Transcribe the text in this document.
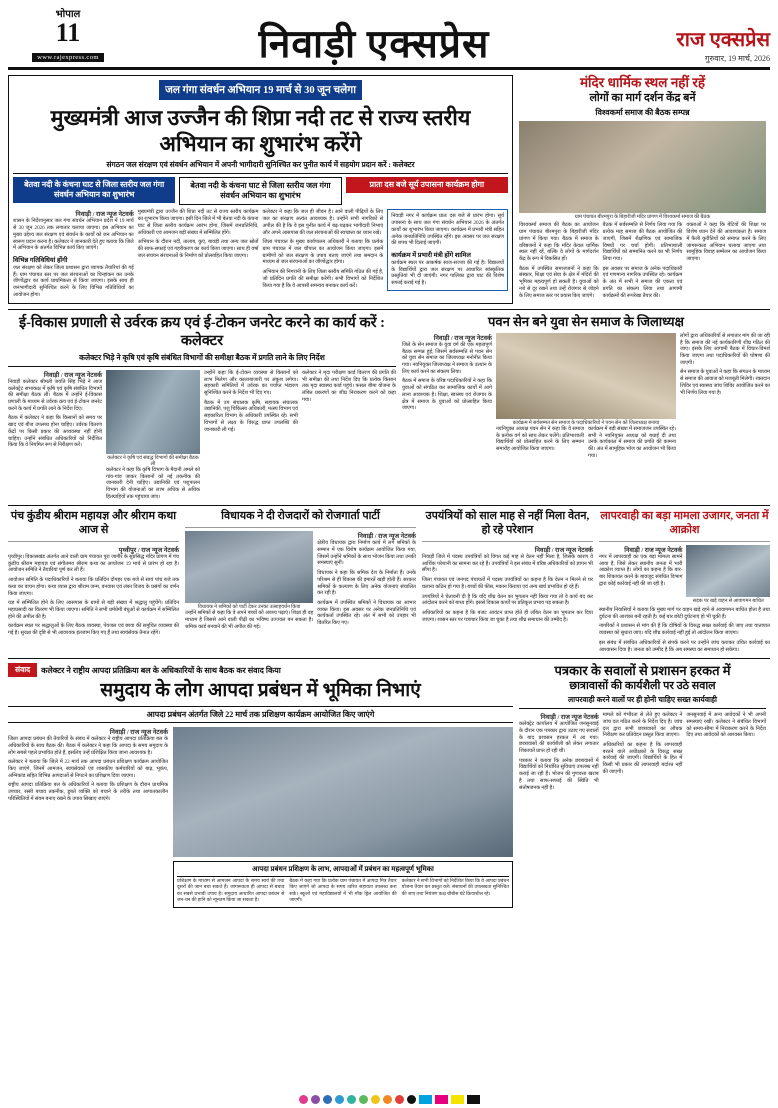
भोपाल
11
www.rajexpress.com	निवाड़ी एक्सप्रेस	राज एक्सप्रेस
गुरुवार, 19 मार्च, 2026
जल गंगा संवर्धन अभियान 19 मार्च से 30 जून चलेगा
मुख्यमंत्री आज उज्जैन की शिप्रा नदी तट से राज्य स्तरीय अभियान का शुभारंभ करेंगे
संगठन जल संरक्षण एवं संवर्धन अभियान में अपनी भागीदारी सुनिश्चित कर पुनीत कार्य में सहयोग प्रदान करें : कलेक्टर
बेतवा नदी के कंचना घाट से जिला स्तरीय जल गंगा संवर्धन अभियान का शुभारंभ
बेतवा नदी के कंचना घाट से जिला स्तरीय जल गंगा संवर्धन अभियान का शुभारंभ
प्रातः दस बजे सूर्य उपासना कार्यक्रम होगा
निवाड़ी / राज न्यूज नेटवर्क
शासन के निर्देशानुसार जल गंगा संवर्धन अभियान प्रदेश में 19 मार्च से 30 जून 2026 तक लगातार चलाया जाएगा। इस अभियान का मुख्य उद्देश्य जल संरक्षण एवं संवर्धन के कार्यों को जन अभियान का स्वरूप प्रदान करना है। कलेक्टर ने जानकारी देते हुए बताया कि जिले में अभियान के अंतर्गत विभिन्न कार्य किए जाएंगे।
विभिन्न गतिविधियां होंगी
जल संरक्षण को लेकर जिला प्रशासन द्वारा व्यापक तैयारियां की गई हैं। ग्राम पंचायत स्तर पर जल संरचनाओं का चिन्हांकन कर उनके जीर्णोद्धार का कार्य प्राथमिकता से किया जाएगा। इसके साथ ही जनभागीदारी सुनिश्चित करने के लिए विभिन्न गतिविधियों का आयोजन होगा।
मुख्यमंत्री द्वारा उज्जैन की शिप्रा नदी तट से राज्य स्तरीय कार्यक्रम का शुभारंभ किया जाएगा। इसी दिन जिले में भी बेतवा नदी के कंचना घाट से जिला स्तरीय कार्यक्रम आरंभ होगा, जिसमें जनप्रतिनिधि, अधिकारी एवं आमजन बड़ी संख्या में सम्मिलित होंगे।
अभियान के दौरान नदी, तालाब, कुएं, बावड़ी तथा अन्य जल स्रोतों की साफ-सफाई एवं गहरीकरण का कार्य किया जाएगा। साथ ही वर्षा जल संचयन संरचनाओं के निर्माण को प्रोत्साहित किया जाएगा।
कलेक्टर ने कहा कि जल ही जीवन है। आने वाली पीढ़ियों के लिए जल का संरक्षण अत्यंत आवश्यक है। उन्होंने सभी नागरिकों से अपील की है कि वे इस पुनीत कार्य में बढ़-चढ़कर भागीदारी निभाएं और अपने आसपास की जल संरचनाओं की स्वच्छता का ध्यान रखें।
जिला पंचायत के मुख्य कार्यपालन अधिकारी ने बताया कि प्रत्येक ग्राम पंचायत में जल चौपाल का आयोजन किया जाएगा। इसमें ग्रामीणों को जल संरक्षण के उपाय बताए जाएंगे तथा श्रमदान के माध्यम से जल संरचनाओं का जीर्णोद्धार होगा।
अभियान की निगरानी के लिए जिला स्तरीय समिति गठित की गई है, जो प्रतिदिन प्रगति की समीक्षा करेगी। सभी विभागों को निर्देशित किया गया है कि वे आपसी समन्वय बनाकर कार्य करें।
निवाड़ी नगर में कार्यक्रम प्रातः दस बजे से प्रारंभ होगा। सूर्य उपासना के साथ जल गंगा संवर्धन अभियान 2026 के अंतर्गत कार्यों का शुभारंभ किया जाएगा। कार्यक्रम में प्रभारी मंत्री सहित अनेक जनप्रतिनिधि उपस्थित रहेंगे। इस अवसर पर जल संरक्षण की शपथ भी दिलाई जाएगी।
कार्यक्रम में प्रभारी मंत्री होंगे शामिल
कार्यक्रम स्थल पर आकर्षक साज-सज्जा की गई है। विद्यालयों के विद्यार्थियों द्वारा जल संरक्षण पर आधारित सांस्कृतिक प्रस्तुतियां भी दी जाएंगी। नगर पालिका द्वारा घाट की विशेष सफाई कराई गई है।
मंदिर धार्मिक स्थल नहीं रहें
लोगों का मार्ग दर्शन केंद्र बनें
विश्वकर्मा समाज की बैठक सम्पन्न
ग्राम पंचायत बीरमपुरा के बिहारीजी मंदिर प्रांगण में विश्वकर्मा समाज की बैठक
विश्वकर्मा समाज की बैठक का आयोजन ग्राम पंचायत बीरमपुरा के बिहारीजी मंदिर प्रांगण में किया गया। बैठक में समाज के वरिष्ठजनों ने कहा कि मंदिर केवल धार्मिक स्थल नहीं रहें, बल्कि वे लोगों के मार्गदर्शन केंद्र के रूप में विकसित हों।
बैठक में उपस्थित समाजजनों ने कहा कि संस्कार, शिक्षा एवं सेवा के क्षेत्र में मंदिरों की भूमिका महत्वपूर्ण हो सकती है। युवाओं को नशे से दूर रखने तथा उन्हें रोजगार से जोड़ने के लिए समाज स्तर पर प्रयास किए जाएंगे।
बैठक में सर्वसम्मति से निर्णय लिया गया कि प्रत्येक माह समाज की बैठक आयोजित की जाएगी, जिसमें शैक्षणिक एवं सामाजिक विषयों पर चर्चा होगी। प्रतिभाशाली विद्यार्थियों को सम्मानित करने का भी निर्णय लिया गया।
इस अवसर पर समाज के अनेक पदाधिकारी एवं गणमान्य नागरिक उपस्थित रहे। कार्यक्रम के अंत में सभी ने समाज की एकता एवं प्रगति का संकल्प लिया तथा आगामी कार्यक्रमों की रूपरेखा तैयार की।
वक्ताओं ने कहा कि बेटियों की शिक्षा पर विशेष ध्यान देने की आवश्यकता है। समाज में फैली कुरीतियों को समाप्त करने के लिए जागरूकता अभियान चलाया जाएगा तथा सामूहिक विवाह सम्मेलन का आयोजन किया जाएगा।
ई-विकास प्रणाली से उर्वरक क्रय एवं ई-टोकन जनरेट करने का कार्य करें : कलेक्टर
कलेक्टर भिड़े ने कृषि एवं कृषि संबंधित विभागों की समीक्षा बैठक में प्रगति लाने के लिए निर्देश
निवाड़ी / राज न्यूज नेटवर्क
निवाड़ी कलेक्टर श्रीमती जयति सिंह भिड़े ने आज कलेक्ट्रेट सभाकक्ष में कृषि एवं कृषि संबंधित विभागों की समीक्षा बैठक ली। बैठक में उन्होंने ई-विकास प्रणाली के माध्यम से उर्वरक क्रय एवं ई-टोकन जनरेट करने के कार्य में प्रगति लाने के निर्देश दिए।
बैठक में कलेक्टर ने कहा कि किसानों को समय पर खाद एवं बीज उपलब्ध होना चाहिए। उर्वरक वितरण केंद्रों पर किसी प्रकार की अव्यवस्था नहीं होनी चाहिए। उन्होंने संबंधित अधिकारियों को निर्देशित किया कि वे नियमित रूप से निरीक्षण करें।
कलेक्टर ने कृषि एवं संबद्ध विभागों की समीक्षा बैठक ली
कलेक्टर ने कहा कि कृषि विभाग के मैदानी अमले को गांव-गांव जाकर किसानों को नई तकनीक की जानकारी देनी चाहिए। उद्यानिकी एवं पशुपालन विभाग की योजनाओं का लाभ अधिक से अधिक हितग्राहियों तक पहुंचाया जाए।
उन्होंने कहा कि ई-टोकन व्यवस्था से किसानों को लाभ मिलेगा और कालाबाजारी पर अंकुश लगेगा। सहकारी समितियों में उर्वरक का पर्याप्त भंडारण सुनिश्चित करने के निर्देश भी दिए गए।
बैठक में उप संचालक कृषि, सहायक संचालक उद्यानिकी, पशु चिकित्सा अधिकारी, मत्स्य विभाग एवं सहकारिता विभाग के अधिकारी उपस्थित रहे। सभी विभागों से लक्ष्य के विरुद्ध प्राप्त उपलब्धि की जानकारी ली गई।
कलेक्टर ने मृदा परीक्षण कार्ड वितरण की प्रगति की भी समीक्षा की तथा निर्देश दिए कि प्रत्येक किसान तक मृदा स्वास्थ्य कार्ड पहुंचे। फसल बीमा योजना के लंबित प्रकरणों का शीघ्र निराकरण करने को कहा गया।
पवन सेन बने युवा सेन समाज के जिलाध्यक्ष
निवाड़ी / राज न्यूज नेटवर्क
जिले के सेन समाज के युवा वर्ग की एक महत्वपूर्ण बैठक सम्पन्न हुई, जिसमें सर्वसम्मति से पवन सेन को युवा सेन समाज का जिलाध्यक्ष मनोनीत किया गया। नवनियुक्त जिलाध्यक्ष ने समाज के उत्थान के लिए कार्य करने का संकल्प लिया।
बैठक में समाज के वरिष्ठ पदाधिकारियों ने कहा कि युवाओं को संगठित कर सामाजिक कार्यों में आगे लाना आवश्यक है। शिक्षा, स्वास्थ्य एवं रोजगार के क्षेत्र में समाज के युवाओं को प्रोत्साहित किया जाएगा।
कार्यक्रम में सर्वसम्मत सेन समाज के पदाधिकारियों ने पवन सेन को जिलाध्यक्ष बनाया
नवनियुक्त अध्यक्ष पवन सेन ने कहा कि वे समाज के प्रत्येक वर्ग को साथ लेकर चलेंगे। प्रतिभाशाली विद्यार्थियों को प्रोत्साहित करने के लिए सम्मान समारोह आयोजित किया जाएगा।
कार्यक्रम में बड़ी संख्या में समाजजन उपस्थित रहे। सभी ने नवनियुक्त अध्यक्ष को बधाई दी तथा उनके कार्यकाल में समाज की प्रगति की कामना की। अंत में सामूहिक भोज का आयोजन भी किया गया।
लोगों द्वारा अधिकारियों से लगातार मांग की जा रही है कि समाज की नई कार्यकारिणी शीघ्र गठित की जाए। इसके लिए आगामी बैठक में विचार-विमर्श किया जाएगा तथा पदाधिकारियों की घोषणा की जाएगी।
सेन समाज के युवाओं ने कहा कि संगठन के माध्यम से समाज की आवाज को मजबूती मिलेगी। रक्तदान शिविर एवं स्वास्थ्य जांच शिविर आयोजित करने का भी निर्णय लिया गया है।
पंच कुंडीय श्रीराम महायज्ञ और श्रीराम कथा आज से
पृथ्वीपुर / राज न्यूज नेटवर्क
पृथ्वीपुर। विकासखंड अंतर्गत आने वाली ग्राम पंचायत पुरा जागीर के सुप्रसिद्ध मंदिर प्रांगण में पंच कुंडीय श्रीराम महायज्ञ एवं संगीतमय श्रीराम कथा का आयोजन 19 मार्च से प्रारंभ हो रहा है। आयोजन समिति ने तैयारियां पूर्ण कर ली हैं।
आयोजन समिति के पदाधिकारियों ने बताया कि प्रतिदिन दोपहर एक बजे से सायं पांच बजे तक कथा का वाचन होगा। कथा व्यास द्वारा श्रीराम जन्म, वनवास एवं लंका विजय के प्रसंगों का वर्णन किया जाएगा।
यज्ञ में सम्मिलित होने के लिए आसपास के ग्रामों से बड़ी संख्या में श्रद्धालु पहुंचेंगे। प्रतिदिन महाप्रसादी का वितरण भी किया जाएगा। समिति ने सभी धर्मप्रेमी बंधुओं से कार्यक्रम में सम्मिलित होने की अपील की है।
कार्यक्रम स्थल पर श्रद्धालुओं के लिए बैठक व्यवस्था, पेयजल एवं छाया की समुचित व्यवस्था की गई है। सुरक्षा की दृष्टि से भी आवश्यक इंतजाम किए गए हैं तथा स्वयंसेवक तैनात रहेंगे।
विधायक ने दी रोजदारों को रोजगार्ता पार्टी
विधायक ने श्रमिकों को पार्टी देकर उनका उत्साहवर्धन किया
उन्होंने श्रमिकों से कहा कि वे अपने बच्चों को अवश्य पढ़ाएं। शिक्षा ही वह माध्यम है जिससे आने वाली पीढ़ी का भविष्य उज्ज्वल बन सकता है। श्रमिक कार्ड बनवाने की भी अपील की गई।
निवाड़ी / राज न्यूज नेटवर्क
क्षेत्रीय विधायक द्वारा निर्माण कार्य में लगे श्रमिकों के सम्मान में एक विशेष कार्यक्रम आयोजित किया गया, जिसमें उन्होंने श्रमिकों के साथ भोजन किया तथा उनकी समस्याएं सुनीं।
विधायक ने कहा कि श्रमिक देश के निर्माता हैं। उनके परिश्रम से ही विकास की इमारतें खड़ी होती हैं। सरकार श्रमिकों के कल्याण के लिए अनेक योजनाएं संचालित कर रही है।
कार्यक्रम में उपस्थित श्रमिकों ने विधायक का आभार व्यक्त किया। इस अवसर पर अनेक जनप्रतिनिधि एवं कार्यकर्ता उपस्थित रहे। अंत में सभी को उपहार भी वितरित किए गए।
उपयंत्रियों को साल माह से नहीं मिला वेतन, हो रहे परेशान
निवाड़ी / राज न्यूज नेटवर्क
निवाड़ी जिले में पदस्थ उपयंत्रियों को विगत कई माह से वेतन नहीं मिला है, जिसके कारण वे आर्थिक परेशानी का सामना कर रहे हैं। उपयंत्रियों ने इस संबंध में वरिष्ठ अधिकारियों को ज्ञापन भी सौंपा है।
जिला पंचायत एवं जनपद पंचायतों में पदस्थ उपयंत्रियों का कहना है कि वेतन न मिलने से घर चलाना कठिन हो गया है। बच्चों की फीस, मकान किराया एवं अन्य खर्च प्रभावित हो रहे हैं।
उपयंत्रियों ने चेतावनी दी है कि यदि शीघ्र वेतन का भुगतान नहीं किया गया तो वे कार्य बंद कर आंदोलन करने को बाध्य होंगे। इससे विकास कार्यों पर प्रतिकूल प्रभाव पड़ सकता है।
अधिकारियों का कहना है कि बजट आवंटन प्राप्त होते ही लंबित वेतन का भुगतान कर दिया जाएगा। शासन स्तर पर पत्राचार किया जा चुका है तथा शीघ्र समाधान की उम्मीद है।
लापरवाही का बड़ा मामला उजागर, जनता में आक्रोश
निवाड़ी / राज न्यूज नेटवर्क
नगर में लापरवाही का एक बड़ा मामला सामने आया है, जिसे लेकर स्थानीय जनता में भारी आक्रोश व्याप्त है। लोगों का कहना है कि बार-बार शिकायत करने के बावजूद संबंधित विभाग द्वारा कोई कार्रवाई नहीं की जा रही है।
सड़क पर खड़े वाहन से आवागमन बाधित
स्थानीय निवासियों ने बताया कि मुख्य मार्ग पर वाहन खड़े रहने से आवागमन बाधित होता है तथा दुर्घटना की आशंका बनी रहती है। कई बार छोटी दुर्घटनाएं हो भी चुकी हैं।
नागरिकों ने प्रशासन से मांग की है कि दोषियों के विरुद्ध सख्त कार्रवाई की जाए तथा यातायात व्यवस्था को सुधारा जाए। यदि शीघ्र कार्रवाई नहीं हुई तो आंदोलन किया जाएगा।
इस संबंध में संबंधित अधिकारियों से संपर्क करने पर उन्होंने जांच कराकर उचित कार्रवाई का आश्वासन दिया है। जनता को उम्मीद है कि अब समस्या का समाधान हो सकेगा।
संवाद	कलेक्टर ने राष्ट्रीय आपदा प्रतिक्रिया बल के अधिकारियों के साथ बैठक कर संवाद किया
समुदाय के लोग आपदा प्रबंधन में भूमिका निभाएं
आपदा प्रबंधन अंतर्गत जिले 22 मार्च तक प्रशिक्षण कार्यक्रम आयोजित किए जाएंगे
निवाड़ी / राज न्यूज नेटवर्क
जिला आपदा प्रबंधन की तैयारियों के संबंध में कलेक्टर ने राष्ट्रीय आपदा प्रतिक्रिया बल के अधिकारियों के साथ बैठक की। बैठक में कलेक्टर ने कहा कि आपदा के समय समुदाय के लोग सबसे पहले प्रभावित होते हैं, इसलिए उन्हें प्रशिक्षित किया जाना आवश्यक है।
कलेक्टर ने बताया कि जिले में 22 मार्च तक आपदा प्रबंधन प्रशिक्षण कार्यक्रम आयोजित किए जाएंगे, जिनमें आमजन, स्वयंसेवकों एवं शासकीय कर्मचारियों को बाढ़, भूकंप, अग्निकांड सहित विभिन्न आपदाओं से निपटने का प्रशिक्षण दिया जाएगा।
राष्ट्रीय आपदा प्रतिक्रिया बल के अधिकारियों ने बताया कि प्रशिक्षण के दौरान प्राथमिक उपचार, रस्सी बचाव तकनीक, डूबते व्यक्ति को बचाने के तरीके तथा आपातकालीन परिस्थितियों में संयम बनाए रखने के उपाय सिखाए जाएंगे।
आपदा प्रबंधन प्रशिक्षण के लाभ, आपदाओं में प्रबंधन का महत्वपूर्ण भूमिका
प्रशिक्षण के माध्यम से आमजन आपदा के समय स्वयं की तथा दूसरों की जान बचा सकते हैं। जागरूकता ही आपदा से बचाव का सबसे प्रभावी उपाय है। समुदाय आधारित आपदा प्रबंधन से जन-धन की हानि को न्यूनतम किया जा सकता है।
बैठक में कहा गया कि प्रत्येक ग्राम पंचायत में आपदा मित्र तैयार किए जाएंगे जो आपदा के समय त्वरित सहायता उपलब्ध करा सकें। स्कूलों एवं महाविद्यालयों में भी मॉक ड्रिल आयोजित की जाएगी।
कलेक्टर ने सभी विभागों को निर्देशित किया कि वे आपदा प्रबंधन योजना तैयार कर प्रस्तुत करें। संसाधनों की उपलब्धता सुनिश्चित की जाए तथा नियंत्रण कक्ष चौबीस घंटे क्रियाशील रहे।
पत्रकार के सवालों से प्रशासन हरकत में
छात्रावासों की कार्यशैली पर उठे सवाल
लापरवाही करने वालों पर ही होनी चाहिए सख्त कार्यवाही
निवाड़ी / राज न्यूज नेटवर्क
कलेक्ट्रेट कार्यालय में आयोजित जनसुनवाई के दौरान एक पत्रकार द्वारा उठाए गए सवालों के बाद प्रशासन हरकत में आ गया। छात्रावासों की कार्यशैली को लेकर लगातार शिकायतें प्राप्त हो रही थीं।
पत्रकार ने बताया कि अनेक छात्रावासों में विद्यार्थियों को निर्धारित सुविधाएं उपलब्ध नहीं कराई जा रही हैं। भोजन की गुणवत्ता खराब है तथा साफ-सफाई की स्थिति भी संतोषजनक नहीं है।
मामले को गंभीरता से लेते हुए कलेक्टर ने जांच दल गठित करने के निर्देश दिए हैं। जांच दल द्वारा सभी छात्रावासों का औचक निरीक्षण कर प्रतिवेदन प्रस्तुत किया जाएगा।
अधिकारियों का कहना है कि लापरवाही बरतने वाले अधीक्षकों के विरुद्ध सख्त कार्रवाई की जाएगी। विद्यार्थियों के हित में किसी भी प्रकार की लापरवाही बर्दाश्त नहीं की जाएगी।
जनसुनवाई में अन्य आवेदकों ने भी अपनी समस्याएं रखीं। कलेक्टर ने संबंधित विभागों को समय-सीमा में निराकरण करने के निर्देश दिए तथा आवेदकों को आश्वस्त किया।
